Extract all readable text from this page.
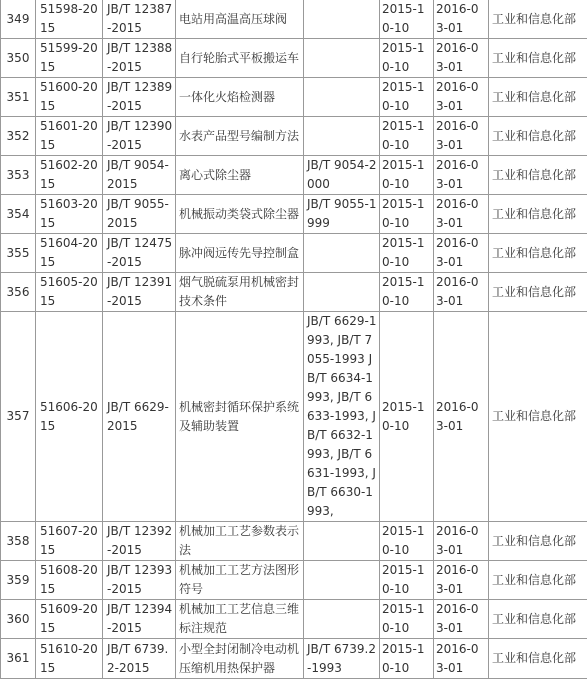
349	51598-2015	JB/T 12387-2015	电站用高温高压球阀		2015-10-10	2016-03-01	工业和信息化部
350	51599-2015	JB/T 12388-2015	自行轮胎式平板搬运车		2015-10-10	2016-03-01	工业和信息化部
351	51600-2015	JB/T 12389-2015	一体化火焰检测器		2015-10-10	2016-03-01	工业和信息化部
352	51601-2015	JB/T 12390-2015	水表产品型号编制方法		2015-10-10	2016-03-01	工业和信息化部
353	51602-2015	JB/T 9054-2015	离心式除尘器	JB/T 9054-2000	2015-10-10	2016-03-01	工业和信息化部
354	51603-2015	JB/T 9055-2015	机械振动类袋式除尘器	JB/T 9055-1999	2015-10-10	2016-03-01	工业和信息化部
355	51604-2015	JB/T 12475-2015	脉冲阀远传先导控制盒		2015-10-10	2016-03-01	工业和信息化部
356	51605-2015	JB/T 12391-2015	烟气脱硫泵用机械密封技术条件		2015-10-10	2016-03-01	工业和信息化部
357	51606-2015	JB/T 6629-2015	机械密封循环保护系统及辅助装置	JB/T 6629-1993, JB/T 7055-1993 JB/T 6634-1993, JB/T 6633-1993, JB/T 6632-1993, JB/T 6631-1993, JB/T 6630-1993,	2015-10-10	2016-03-01	工业和信息化部
358	51607-2015	JB/T 12392-2015	机械加工工艺参数表示法		2015-10-10	2016-03-01	工业和信息化部
359	51608-2015	JB/T 12393-2015	机械加工工艺方法图形符号		2015-10-10	2016-03-01	工业和信息化部
360	51609-2015	JB/T 12394-2015	机械加工工艺信息三维标注规范		2015-10-10	2016-03-01	工业和信息化部
361	51610-2015	JB/T 6739.2-2015	小型全封闭制冷电动机压缩机用热保护器	JB/T 6739.2-1993	2015-10-10	2016-03-01	工业和信息化部
